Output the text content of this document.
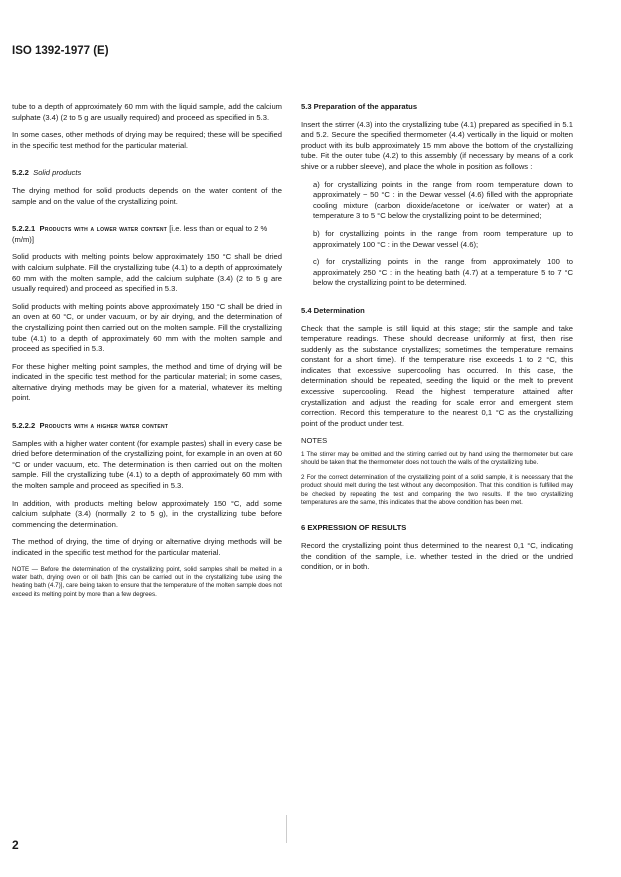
ISO 1392-1977 (E)

tube to a depth of approximately 60 mm with the liquid sample, add the calcium sulphate (3.4) (2 to 5 g are usually required) and proceed as specified in 5.3.

In some cases, other methods of drying may be required; these will be specified in the specific test method for the particular material.

5.2.2 Solid products

The drying method for solid products depends on the water content of the sample and on the value of the crystallizing point.

5.2.2.1 Products with a lower water content [i.e. less than or equal to 2 % (m/m)]

Solid products with melting points below approximately 150 °C shall be dried with calcium sulphate. Fill the crystallizing tube (4.1) to a depth of approximately 60 mm with the molten sample, add the calcium sulphate (3.4) (2 to 5 g are usually required) and proceed as specified in 5.3.

Solid products with melting points above approximately 150 °C shall be dried in an oven at 60 °C, or under vacuum, or by air drying, and the determination of the crystallizing point then carried out on the molten sample. Fill the crystallizing tube (4.1) to a depth of approximately 60 mm with the molten sample and proceed as specified in 5.3.

For these higher melting point samples, the method and time of drying will be indicated in the specific test method for the particular material; in some cases, alternative drying methods may be given for a material, whatever its melting point.

5.2.2.2 Products with a higher water content

Samples with a higher water content (for example pastes) shall in every case be dried before determination of the crystallizing point, for example in an oven at 60 °C or under vacuum, etc. The determination is then carried out on the molten sample. Fill the crystallizing tube (4.1) to a depth of approximately 60 mm with the molten sample and proceed as specified in 5.3.

In addition, with products melting below approximately 150 °C, add some calcium sulphate (3.4) (normally 2 to 5 g), in the crystallizing tube before commencing the determination.

The method of drying, the time of drying or alternative drying methods will be indicated in the specific test method for the particular material.

NOTE — Before the determination of the crystallizing point, solid samples shall be melted in a water bath, drying oven or oil bath [this can be carried out in the crystallizing tube using the heating bath (4.7)], care being taken to ensure that the temperature of the molten sample does not exceed its melting point by more than a few degrees.

5.3 Preparation of the apparatus

Insert the stirrer (4.3) into the crystallizing tube (4.1) prepared as specified in 5.1 and 5.2. Secure the specified thermometer (4.4) vertically in the liquid or molten product with its bulb approximately 15 mm above the bottom of the crystallizing tube. Fit the outer tube (4.2) to this assembly (if necessary by means of a cork shive or a rubber sleeve), and place the whole in position as follows :

a) for crystallizing points in the range from room temperature down to approximately − 50 °C : in the Dewar vessel (4.6) filled with the appropriate cooling mixture (carbon dioxide/acetone or ice/water or water) at a temperature 3 to 5 °C below the crystallizing point to be determined;

b) for crystallizing points in the range from room temperature up to approximately 100 °C : in the Dewar vessel (4.6);

c) for crystallizing points in the range from approximately 100 to approximately 250 °C : in the heating bath (4.7) at a temperature 5 to 7 °C below the crystallizing point to be determined.

5.4 Determination

Check that the sample is still liquid at this stage; stir the sample and take temperature readings. These should decrease uniformly at first, then rise suddenly as the substance crystallizes; sometimes the temperature remains constant for a short time). If the temperature rise exceeds 1 to 2 °C, this indicates that excessive supercooling has occurred. In this case, the determination should be repeated, seeding the liquid or the melt to prevent excessive supercooling. Read the highest temperature attained after crystallization and adjust the reading for scale error and emergent stem correction. Record this temperature to the nearest 0,1 °C as the crystallizing point of the product under test.

NOTES

1 The stirrer may be omitted and the stirring carried out by hand using the thermometer but care should be taken that the thermometer does not touch the walls of the crystallizing tube.

2 For the correct determination of the crystallizing point of a solid sample, it is necessary that the product should melt during the test without any decomposition. That this condition is fulfilled may be checked by repeating the test and comparing the two results. If the two crystallizing temperatures are the same, this indicates that the above condition has been met.

6 EXPRESSION OF RESULTS

Record the crystallizing point thus determined to the nearest 0,1 °C, indicating the condition of the sample, i.e. whether tested in the dried or the undried condition, or in both.

2
